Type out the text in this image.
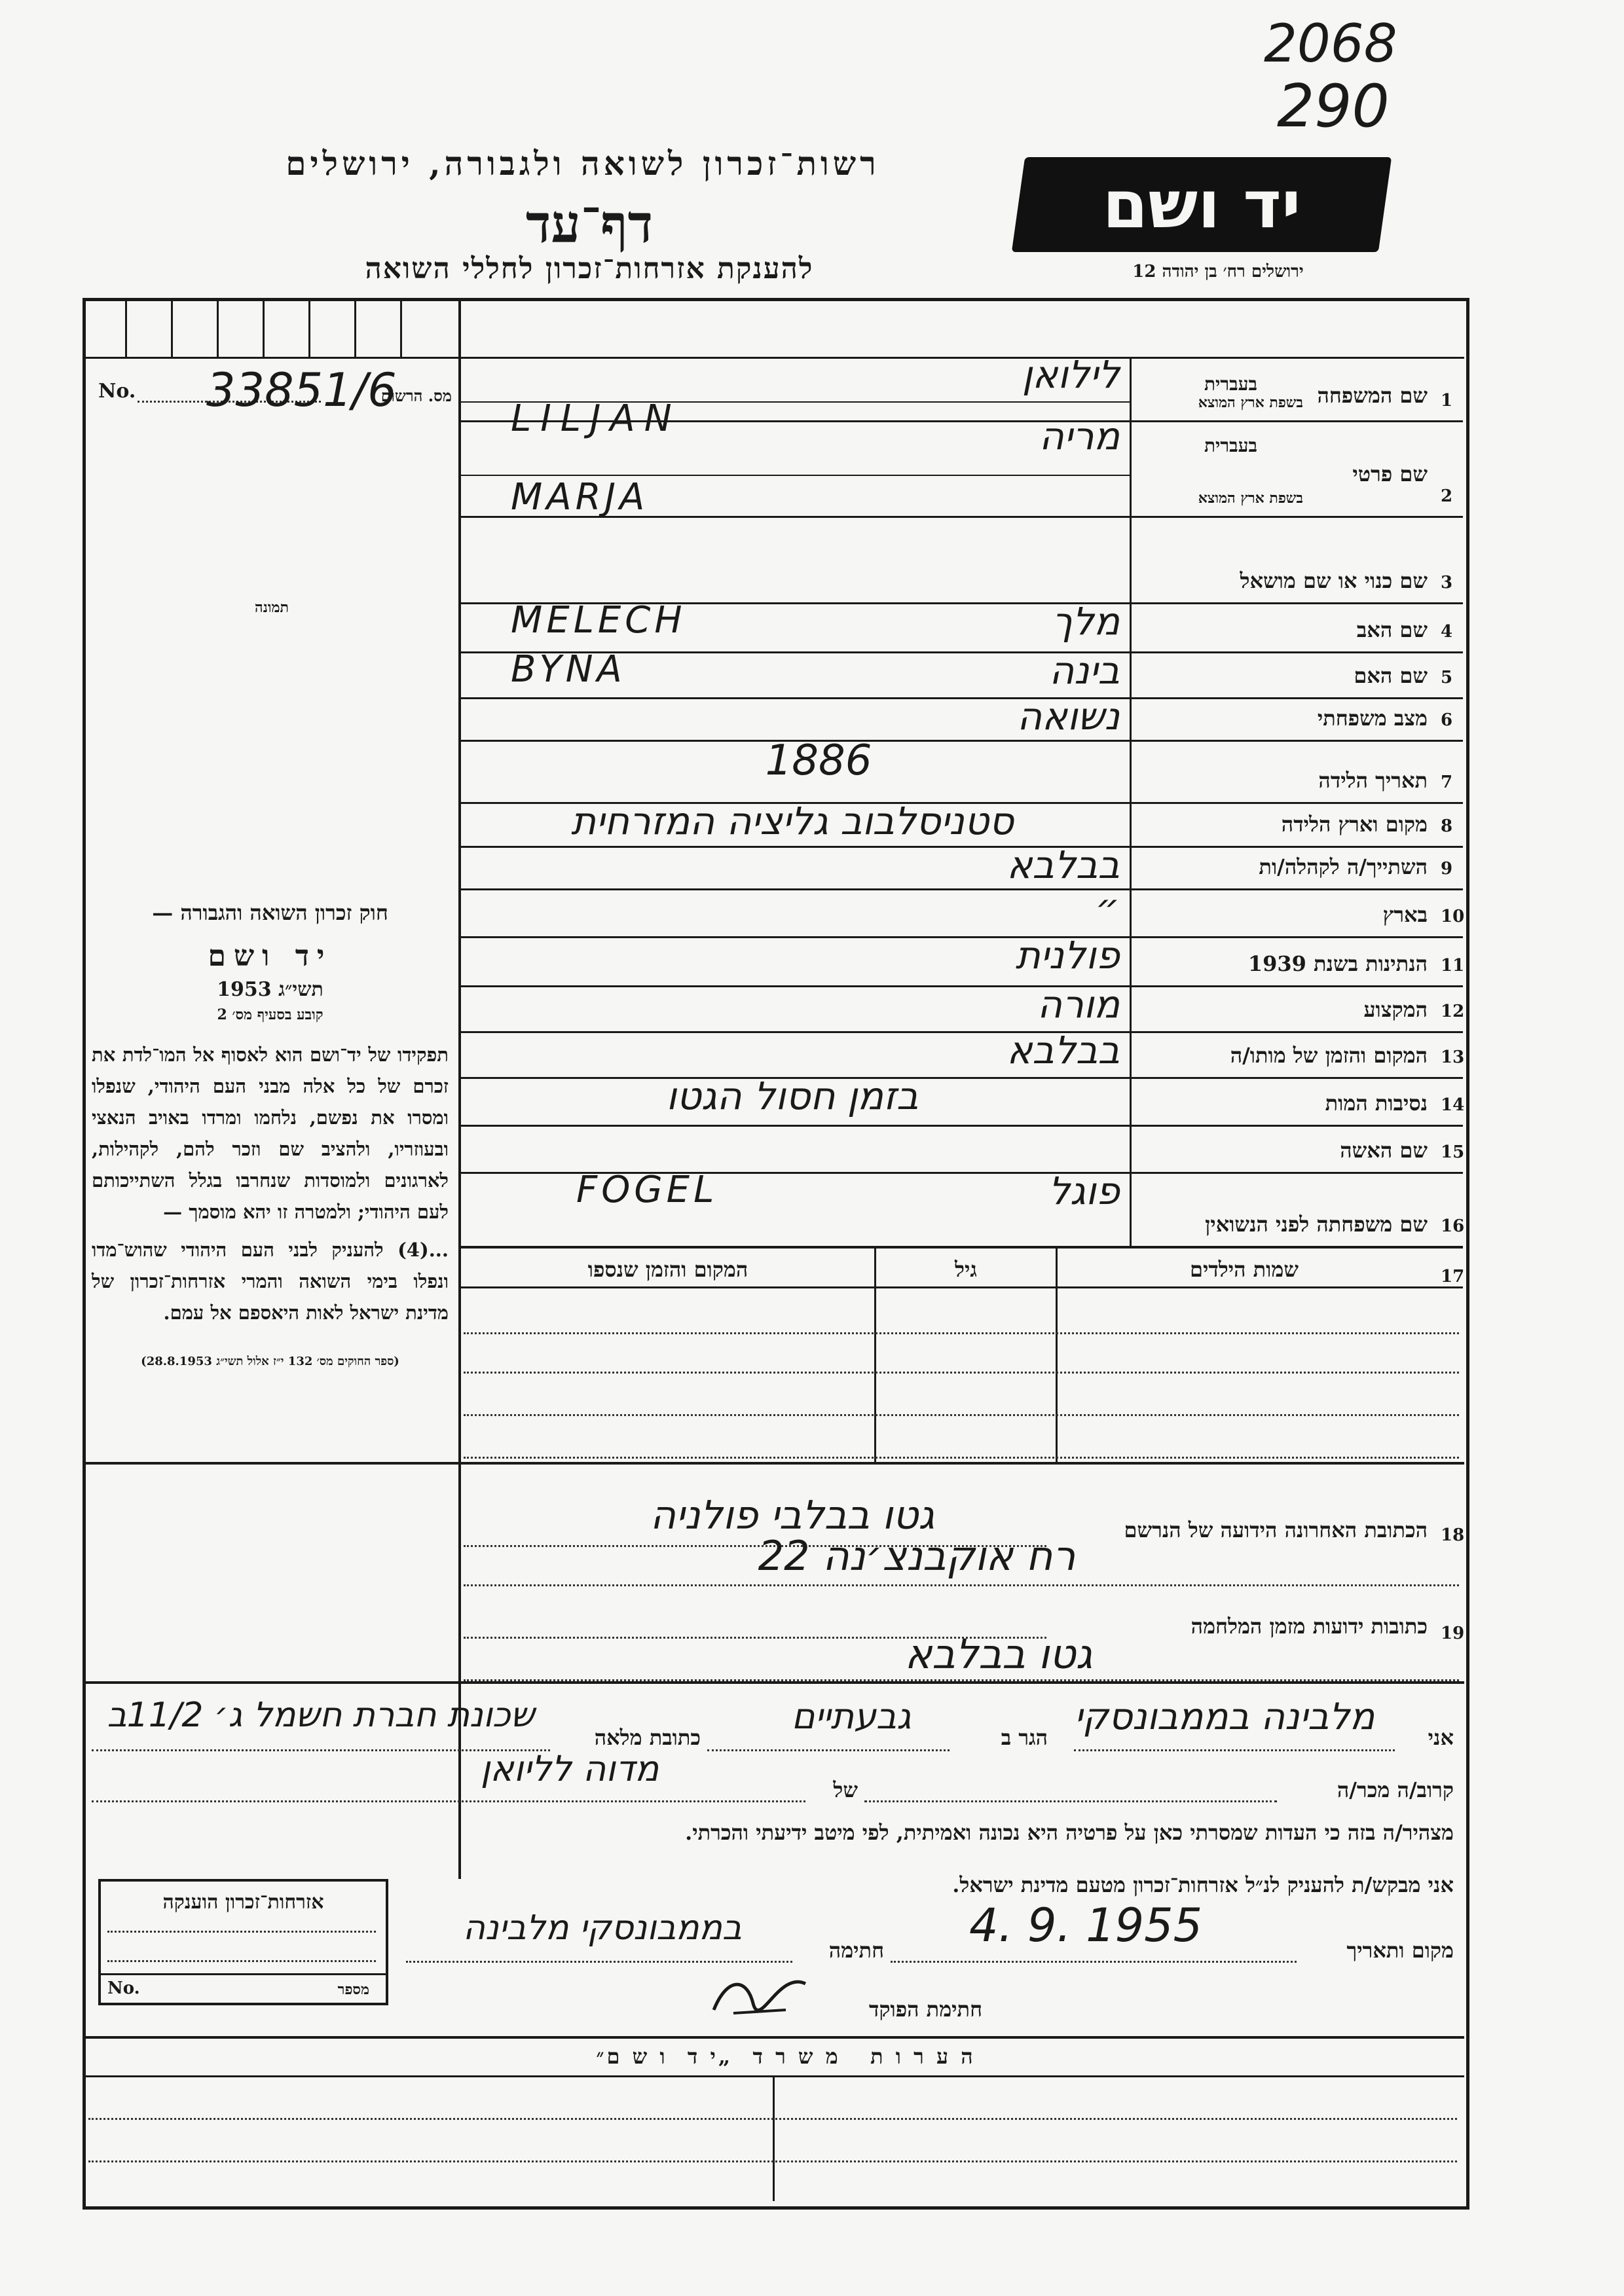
2068
290
רשות־זכרון לשואה ולגבורה, ירושלים
דף־עד
להענקת אזרחות־זכרון לחללי השואה
יד ושם
ירושלים רח׳ בן יהודה 12
No. 33851/6
מס. הרשום
תמונה
חוק זכרון השואה והגבורה —
יד ושם
תשי״ג 1953
קובע בסעיף מס׳ 2
תפקידו של יד־ושם הוא לאסוף אל המו־לדת את זכרם של כל אלה מבני העם היהודי, שנפלו ומסרו את נפשם, נלחמו ומרדו באויב הנאצי ובעוזריו, ולהציב שם וזכר להם, לקהילות, לארגונים ולמוסדות שנחרבו בגלל השתייכותם לעם היהודי; ולמטרה זו יהא מוסמך —
...(4) להעניק לבני העם היהודי שהוש־מדו ונפלו בימי השואה והמרי אזרחות־זכרון של מדינת ישראל לאות היאספם אל עמם.
(ספר החוקים מס׳ 132 י״ז אלול תשי״ג 28.8.1953)
1
שם המשפחה
בעברית
בשפת ארץ המוצא
לילואן
LILJAN
2
שם פרטי
בעברית
בשפת ארץ המוצא
מריה
MARJA
3
שם כנוי או שם מושאל
4
שם האב
מלך
MELECH
5
שם האם
בינה
BYNA
6
מצב משפחתי
נשואה
7
תאריך הלידה
1886
8
מקום וארץ הלידה
סטניסלבוב גליציה המזרחית
9
השתייך/ה לקהלה/ות
בבלבא
10
בארץ
״
11
הנתינות בשנת 1939
פולנית
12
המקצוע
מורה
13
המקום והזמן של מותו/ה
בבלבא
14
נסיבות המות
בזמן חסול הגטו
15
שם האשה
16
שם משפחתה לפני הנשואין
פוגל
FOGEL
17
שמות הילדים
גיל
המקום והזמן שנספו
18
הכתובת האחרונה הידועה של הנרשם
גטו בבלבי פולניה
רח אוקבנצ׳נה 22
19
כתובות ידועות מזמן המלחמה
גטו בבלבא
אני
מלבינה בממבונסקי
הגר ב
גבעתיים
כתובת מלאה
שכונת חברת חשמל ג׳ 11/2ב
קרוב/ה מכר/ה
של
מדוה לליואן
מצהיר/ה בזה כי העדות שמסרתי כאן על פרטיה היא נכונה ואמיתית, לפי מיטב ידיעתי והכרתי.
אני מבקש/ת להעניק לנ״ל אזרחות־זכרון מטעם מדינת ישראל.
אזרחות־זכרון הוענקה
No.	מספר
מקום ותאריך
4. 9. 1955
חתימה
בממבונסקי מלבינה
חתימת הפוקד
ה ע ר ו ת   מ ש ר ד  „י ד  ו ש ם״
